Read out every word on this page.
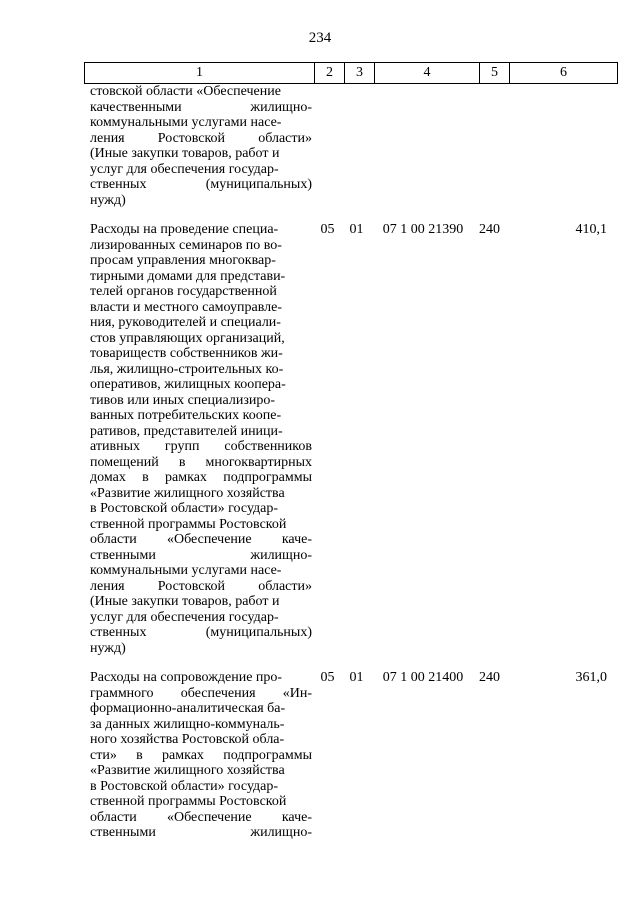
234
1	2	3	4	5	6
стовской области «Обеспечение
качественными жилищно-
коммунальными услугами насе-
ления Ростовской области»
(Иные закупки товаров, работ и
услуг для обеспечения государ-
ственных (муниципальных)
нужд)
Расходы на проведение специа-
лизированных семинаров по во-
просам управления многоквар-
тирными домами для представи-
телей органов государственной
власти и местного самоуправле-
ния, руководителей и специали-
стов управляющих организаций,
товариществ собственников жи-
лья, жилищно-строительных ко-
оперативов, жилищных коопера-
тивов или иных специализиро-
ванных потребительских коопе-
ративов, представителей иници-
ативных групп собственников
помещений в многоквартирных
домах в рамках подпрограммы
«Развитие жилищного хозяйства
в Ростовской области» государ-
ственной программы Ростовской
области «Обеспечение каче-
ственными жилищно-
коммунальными услугами насе-
ления Ростовской области»
(Иные закупки товаров, работ и
услуг для обеспечения государ-
ственных (муниципальных)
нужд)
05	01	07 1 00 21390	240	410,1
Расходы на сопровождение про-
граммного обеспечения «Ин-
формационно-аналитическая ба-
за данных жилищно-коммуналь-
ного хозяйства Ростовской обла-
сти» в рамках подпрограммы
«Развитие жилищного хозяйства
в Ростовской области» государ-
ственной программы Ростовской
области «Обеспечение каче-
ственными жилищно-
05	01	07 1 00 21400	240	361,0
